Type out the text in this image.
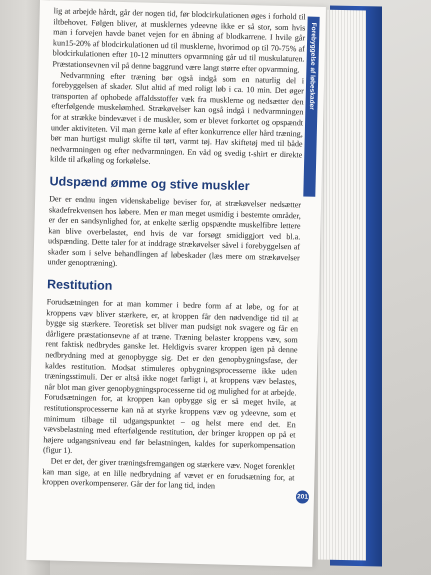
lig at arbejde hårdt, går der nogen tid, før blodcirkulationen øges i forhold til iltbehovet. Følgen bliver, at musklernes ydeevne ikke er så stor, som hvis man i forvejen havde banet vejen for en åbning af blodkarrene. I hvile går kun15-20% af blodcirkulationen ud til musklerne, hvorimod op til 70-75% af blodcirkulationen efter 10-12 minutters opvarmning går ud til muskulaturen. Præstationsevnen vil på denne baggrund være langt større efter opvarmning.

Nedvarmning efter træning bør også indgå som en naturlig del i forebyggelsen af skader. Slut altid af med roligt løb i ca. 10 min. Det øger transporten af ophobede affaldsstoffer væk fra musklerne og nedsætter den efterfølgende muskelømhed. Strækøvelser kan også indgå i nedvarmningen for at strække bindevævet i de muskler, som er blevet forkortet og opspændt under aktiviteten. Vil man gerne køle af efter konkurrence eller hård træning, bør man hurtigst muligt skifte til tørt, varmt tøj. Hav skiftetøj med til både nedvarmningen og efter nedvarmningen. En våd og svedig t-shirt er direkte kilde til afkøling og forkølelse.

Udspænd ømme og stive muskler

Der er endnu ingen videnskabelige beviser for, at strækøvelser nedsætter skadefrekvensen hos løbere. Men er man meget usmidig i bestemte områder, er der en sandsynlighed for, at enkelte særlig opspændte muskelfibre lettere kan blive overbelastet, end hvis de var forsøgt smidiggjort ved bl.a. udspænding. Dette taler for at inddrage strækøvelser såvel i forebyggelsen af skader som i selve behandlingen af løbeskader (læs mere om strækøvelser under genoptræning).

Restitution

Forudsætningen for at man kommer i bedre form af at løbe, og for at kroppens væv bliver stærkere, er, at kroppen får den nødvendige tid til at bygge sig stærkere. Teoretisk set bliver man pudsigt nok svagere og får en dårligere præstationsevne af at træne. Træning belaster kroppens væv, som rent faktisk nedbrydes ganske let. Heldigvis svarer kroppen igen på denne nedbrydning med at genopbygge sig. Det er den genopbygningsfase, der kaldes restitution. Modsat stimuleres opbygningsprocesserne ikke uden træningsstimuli. Der er altså ikke noget farligt i, at kroppens væv belastes, når blot man giver genopbygningsprocesserne tid og mulighed for at arbejde. Forudsætningen for, at kroppen kan opbygge sig er så meget hvile, at restitutionsprocesserne kan nå at styrke kroppens væv og ydeevne, som et minimum tilbage til udgangspunktet – og helst mere end det. En vævsbelastning med efterfølgende restitution, der bringer kroppen op på et højere udgangsniveau end før belastningen, kaldes for superkompensation (figur 1).

Det er det, der giver træningsfremgangen og stærkere væv. Noget forenklet kan man sige, at en lille nedbrydning af vævet er en forudsætning for, at kroppen overkompenserer. Går der for lang tid, inden

Forebyggelse af løbeskader
201
